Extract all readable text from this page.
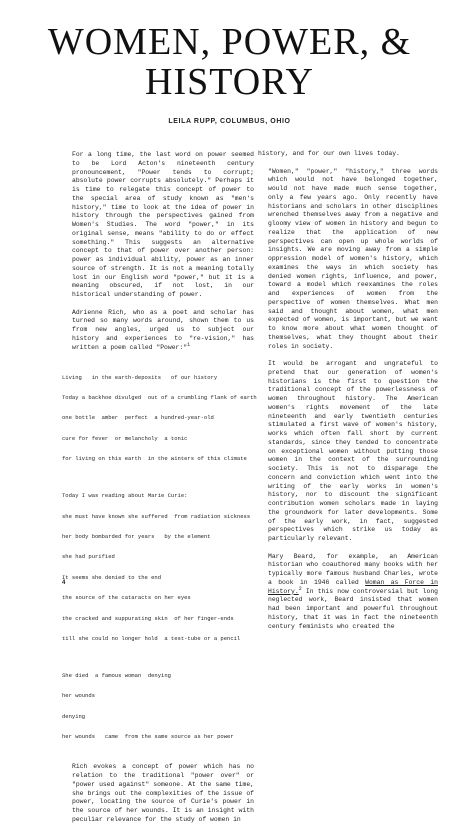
WOMEN, POWER, &
HISTORY
LEILA RUPP, COLUMBUS, OHIO

For a long time, the last word on power seemed to be Lord Acton's nineteenth century pronouncement, "Power tends to corrupt; absolute power corrupts absolutely." Perhaps it is time to relegate this concept of power to the special area of study known as "men's history," time to look at the idea of power in history through the perspectives gained from Women's Studies. The word "power," in its original sense, means "ability to do or effect something." This suggests an alternative concept to that of power over another person: power as individual ability, power as an inner source of strength. It is not a meaning totally lost in our English word "power," but it is a meaning obscured, if not lost, in our historical understanding of power.

Adrienne Rich, who as a poet and scholar has turned so many words around, shown them to us from new angles, urged us to subject our history and experiences to "re-vision," has written a poem called "Power:"$^1$

Living   in the earth-deposits   of our history

Today a backhoe divulged  out of a crumbling flank of earth

one bottle  amber  perfect  a hundred-year-old

cure for fever  or melancholy  a tonic

for living on this earth  in the winters of this climate

Today I was reading about Marie Curie:

she must have known she suffered  from radiation sickness

her body bombarded for years   by the element

she had purified

It seems she denied to the end

the source of the cataracts on her eyes

the cracked and suppurating skin  of her finger-ends

till she could no longer hold  a test-tube or a pencil

She died  a famous woman  denying

her wounds

denying

her wounds   came  from the same source as her power

Rich evokes a concept of power which has no relation to the traditional "power over" or "power used against" someone. At the same time, she brings out the complexities of the issue of power, locating the source of Curie's power in the source of her wounds. It is an insight with peculiar relevance for the study of women in

history, and for our own lives today.

"Women," "power," "history," three words which would not have belonged together, would not have made much sense together, only a few years ago. Only recently have historians and scholars in other disciplines wrenched themselves away from a negative and gloomy view of women in history and begun to realize that the application of new perspectives can open up whole worlds of insights. We are moving away from a simple oppression model of women's history, which examines the ways in which society has denied women rights, influence, and power, toward a model which reexamines the roles and experiences of women from the perspective of women themselves. What men said and thought about women, what men expected of women, is important, but we want to know more about what women thought of themselves, what they thought about their roles in society.

It would be arrogant and ungrateful to pretend that our generation of women's historians is the first to question the traditional concept of the powerlessness of women throughout history. The American women's rights movement of the late nineteenth and early twentieth centuries stimulated a first wave of women's history, works which often fall short by current standards, since they tended to concentrate on exceptional women without putting those women in the context of the surrounding society. This is not to disparage the concern and conviction which went into the writing of the early works in women's history, nor to discount the significant contribution women scholars made in laying the groundwork for later developments. Some of the early work, in fact, suggested perspectives which strike us today as particularly relevant.

Mary Beard, for example, an American historian who coauthored many books with her typically more famous husband Charles, wrote a book in 1946 called Woman as Force in History.$^2$ In this now controversial but long neglected work, Beard insisted that women had been important and powerful throughout history, that it was in fact the nineteenth century feminists who created the

4
